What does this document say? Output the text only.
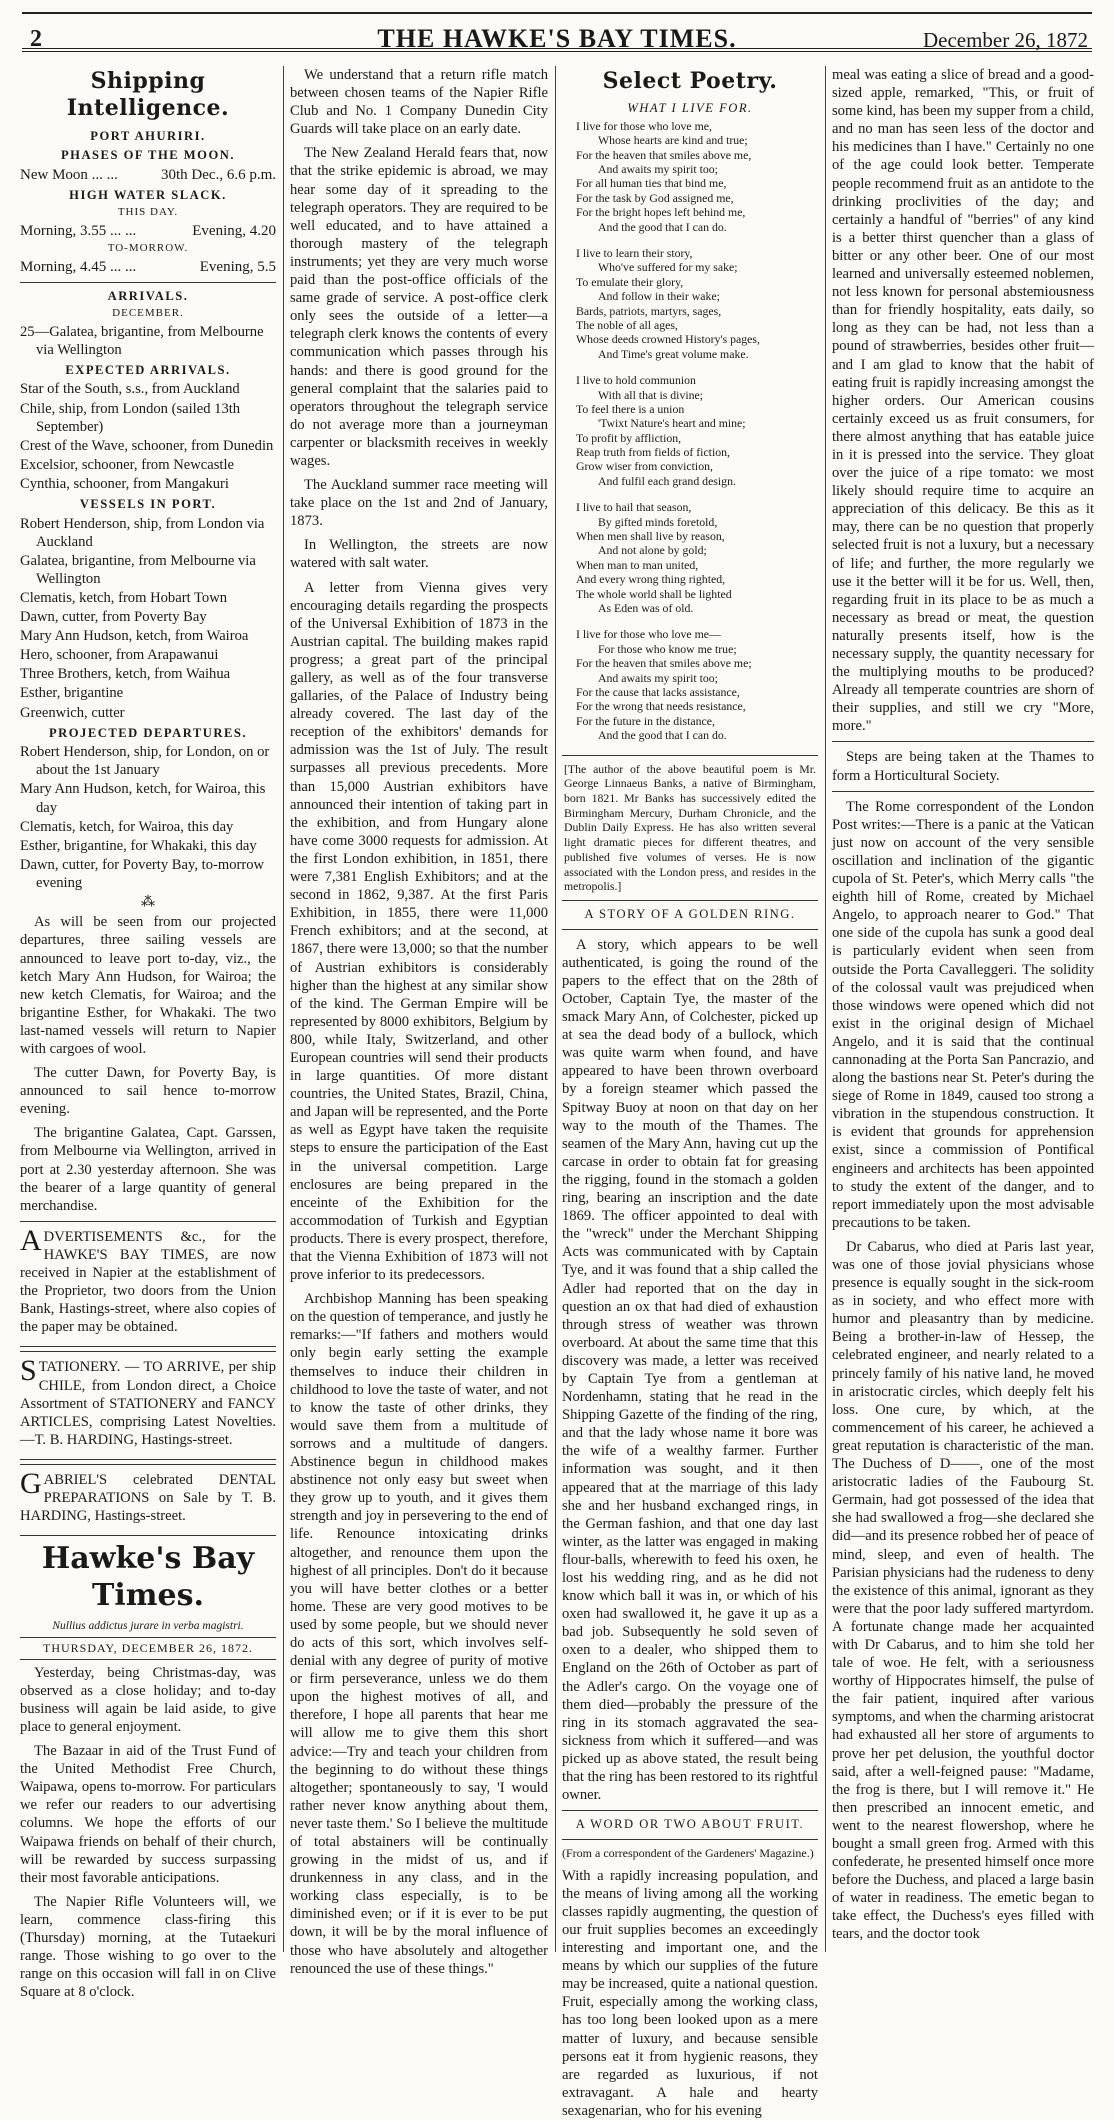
2	THE HAWKE'S BAY TIMES.	December 26, 1872
Shipping Intelligence.
PORT AHURIRI.
PHASES OF THE MOON.
New Moon ... ...	30th Dec., 6.6 p.m.
HIGH WATER SLACK.
THIS DAY.
Morning, 3.55 ... ...	Evening, 4.20
TO-MORROW.
Morning, 4.45 ... ...	Evening, 5.5
ARRIVALS.
DECEMBER.

25—Galatea, brigantine, from Melbourne via Wellington

EXPECTED ARRIVALS.

Star of the South, s.s., from Auckland

Chile, ship, from London (sailed 13th September)

Crest of the Wave, schooner, from Dunedin

Excelsior, schooner, from Newcastle

Cynthia, schooner, from Mangakuri

VESSELS IN PORT.

Robert Henderson, ship, from London via Auckland

Galatea, brigantine, from Melbourne via Wellington

Clematis, ketch, from Hobart Town

Dawn, cutter, from Poverty Bay

Mary Ann Hudson, ketch, from Wairoa

Hero, schooner, from Arapawanui

Three Brothers, ketch, from Waihua

Esther, brigantine

Greenwich, cutter

PROJECTED DEPARTURES.

Robert Henderson, ship, for London, on or about the 1st January

Mary Ann Hudson, ketch, for Wairoa, this day

Clematis, ketch, for Wairoa, this day

Esther, brigantine, for Whakaki, this day

Dawn, cutter, for Poverty Bay, to-morrow evening

⁂

As will be seen from our projected departures, three sailing vessels are announced to leave port to-day, viz., the ketch Mary Ann Hudson, for Wairoa; the new ketch Clematis, for Wairoa; and the brigantine Esther, for Whakaki. The two last-named vessels will return to Napier with cargoes of wool.

The cutter Dawn, for Poverty Bay, is announced to sail hence to-morrow evening.

The brigantine Galatea, Capt. Garssen, from Melbourne via Wellington, arrived in port at 2.30 yesterday afternoon. She was the bearer of a large quantity of general merchandise.

ADVERTISEMENTS &c., for the HAWKE'S BAY TIMES, are now received in Napier at the establishment of the Proprietor, two doors from the Union Bank, Hastings-street, where also copies of the paper may be obtained.

STATIONERY. — TO ARRIVE, per ship CHILE, from London direct, a Choice Assortment of STATIONERY and FANCY ARTICLES, comprising Latest Novelties.—T. B. HARDING, Hastings-street.

GABRIEL'S celebrated DENTAL PREPARATIONS on Sale by T. B. HARDING, Hastings-street.

Hawke's Bay Times.
Nullius addictus jurare in verba magistri.
THURSDAY, DECEMBER 26, 1872.

Yesterday, being Christmas-day, was observed as a close holiday; and to-day business will again be laid aside, to give place to general enjoyment.

The Bazaar in aid of the Trust Fund of the United Methodist Free Church, Waipawa, opens to-morrow. For particulars we refer our readers to our advertising columns. We hope the efforts of our Waipawa friends on behalf of their church, will be rewarded by success surpassing their most favorable anticipations.

The Napier Rifle Volunteers will, we learn, commence class-firing this (Thursday) morning, at the Tutaekuri range. Those wishing to go over to the range on this occasion will fall in on Clive Square at 8 o'clock.

We understand that a return rifle match between chosen teams of the Napier Rifle Club and No. 1 Company Dunedin City Guards will take place on an early date.

The New Zealand Herald fears that, now that the strike epidemic is abroad, we may hear some day of it spreading to the telegraph operators. They are required to be well educated, and to have attained a thorough mastery of the telegraph instruments; yet they are very much worse paid than the post-office officials of the same grade of service. A post-office clerk only sees the outside of a letter—a telegraph clerk knows the contents of every communication which passes through his hands: and there is good ground for the general complaint that the salaries paid to operators throughout the telegraph service do not average more than a journeyman carpenter or blacksmith receives in weekly wages.

The Auckland summer race meeting will take place on the 1st and 2nd of January, 1873.

In Wellington, the streets are now watered with salt water.

A letter from Vienna gives very encouraging details regarding the prospects of the Universal Exhibition of 1873 in the Austrian capital. The building makes rapid progress; a great part of the principal gallery, as well as of the four transverse gallaries, of the Palace of Industry being already covered. The last day of the reception of the exhibitors' demands for admission was the 1st of July. The result surpasses all previous precedents. More than 15,000 Austrian exhibitors have announced their intention of taking part in the exhibition, and from Hungary alone have come 3000 requests for admission. At the first London exhibition, in 1851, there were 7,381 English Exhibitors; and at the second in 1862, 9,387. At the first Paris Exhibition, in 1855, there were 11,000 French exhibitors; and at the second, at 1867, there were 13,000; so that the number of Austrian exhibitors is considerably higher than the highest at any similar show of the kind. The German Empire will be represented by 8000 exhibitors, Belgium by 800, while Italy, Switzerland, and other European countries will send their products in large quantities. Of more distant countries, the United States, Brazil, China, and Japan will be represented, and the Porte as well as Egypt have taken the requisite steps to ensure the participation of the East in the universal competition. Large enclosures are being prepared in the enceinte of the Exhibition for the accommodation of Turkish and Egyptian products. There is every prospect, therefore, that the Vienna Exhibition of 1873 will not prove inferior to its predecessors.

Archbishop Manning has been speaking on the question of temperance, and justly he remarks:—"If fathers and mothers would only begin early setting the example themselves to induce their children in childhood to love the taste of water, and not to know the taste of other drinks, they would save them from a multitude of sorrows and a multitude of dangers. Abstinence begun in childhood makes abstinence not only easy but sweet when they grow up to youth, and it gives them strength and joy in persevering to the end of life. Renounce intoxicating drinks altogether, and renounce them upon the highest of all principles. Don't do it because you will have better clothes or a better home. These are very good motives to be used by some people, but we should never do acts of this sort, which involves self-denial with any degree of purity of motive or firm perseverance, unless we do them upon the highest motives of all, and therefore, I hope all parents that hear me will allow me to give them this short advice:—Try and teach your children from the beginning to do without these things altogether; spontaneously to say, 'I would rather never know anything about them, never taste them.' So I believe the multitude of total abstainers will be continually growing in the midst of us, and if drunkenness in any class, and in the working class especially, is to be diminished even; or if it is ever to be put down, it will be by the moral influence of those who have absolutely and altogether renounced the use of these things."

Select Poetry.
WHAT I LIVE FOR.
I live for those who love me,
Whose hearts are kind and true;
For the heaven that smiles above me,
And awaits my spirit too;
For all human ties that bind me,
For the task by God assigned me,
For the bright hopes left behind me,
And the good that I can do.
I live to learn their story,
Who've suffered for my sake;
To emulate their glory,
And follow in their wake;
Bards, patriots, martyrs, sages,
The noble of all ages,
Whose deeds crowned History's pages,
And Time's great volume make.
I live to hold communion
With all that is divine;
To feel there is a union
'Twixt Nature's heart and mine;
To profit by affliction,
Reap truth from fields of fiction,
Grow wiser from conviction,
And fulfil each grand design.
I live to hail that season,
By gifted minds foretold,
When men shall live by reason,
And not alone by gold;
When man to man united,
And every wrong thing righted,
The whole world shall be lighted
As Eden was of old.
I live for those who love me—
For those who know me true;
For the heaven that smiles above me;
And awaits my spirit too;
For the cause that lacks assistance,
For the wrong that needs resistance,
For the future in the distance,
And the good that I can do.
[The author of the above beautiful poem is Mr. George Linnaeus Banks, a native of Birmingham, born 1821. Mr Banks has successively edited the Birmingham Mercury, Durham Chronicle, and the Dublin Daily Express. He has also written several light dramatic pieces for different theatres, and published five volumes of verses. He is now associated with the London press, and resides in the metropolis.]
A STORY OF A GOLDEN RING.

A story, which appears to be well authenticated, is going the round of the papers to the effect that on the 28th of October, Captain Tye, the master of the smack Mary Ann, of Colchester, picked up at sea the dead body of a bullock, which was quite warm when found, and have appeared to have been thrown overboard by a foreign steamer which passed the Spitway Buoy at noon on that day on her way to the mouth of the Thames. The seamen of the Mary Ann, having cut up the carcase in order to obtain fat for greasing the rigging, found in the stomach a golden ring, bearing an inscription and the date 1869. The officer appointed to deal with the "wreck" under the Merchant Shipping Acts was communicated with by Captain Tye, and it was found that a ship called the Adler had reported that on the day in question an ox that had died of exhaustion through stress of weather was thrown overboard. At about the same time that this discovery was made, a letter was received by Captain Tye from a gentleman at Nordenhamn, stating that he read in the Shipping Gazette of the finding of the ring, and that the lady whose name it bore was the wife of a wealthy farmer. Further information was sought, and it then appeared that at the marriage of this lady she and her husband exchanged rings, in the German fashion, and that one day last winter, as the latter was engaged in making flour-balls, wherewith to feed his oxen, he lost his wedding ring, and as he did not know which ball it was in, or which of his oxen had swallowed it, he gave it up as a bad job. Subsequently he sold seven of oxen to a dealer, who shipped them to England on the 26th of October as part of the Adler's cargo. On the voyage one of them died—probably the pressure of the ring in its stomach aggravated the sea-sickness from which it suffered—and was picked up as above stated, the result being that the ring has been restored to its rightful owner.

A WORD OR TWO ABOUT FRUIT.

(From a correspondent of the Gardeners' Magazine.)

With a rapidly increasing population, and the means of living among all the working classes rapidly augmenting, the question of our fruit supplies becomes an exceedingly interesting and important one, and the means by which our supplies of the future may be increased, quite a national question. Fruit, especially among the working class, has too long been looked upon as a mere matter of luxury, and because sensible persons eat it from hygienic reasons, they are regarded as luxurious, if not extravagant. A hale and hearty sexagenarian, who for his evening

meal was eating a slice of bread and a good-sized apple, remarked, "This, or fruit of some kind, has been my supper from a child, and no man has seen less of the doctor and his medicines than I have." Certainly no one of the age could look better. Temperate people recommend fruit as an antidote to the drinking proclivities of the day; and certainly a handful of "berries" of any kind is a better thirst quencher than a glass of bitter or any other beer. One of our most learned and universally esteemed noblemen, not less known for personal abstemiousness than for friendly hospitality, eats daily, so long as they can be had, not less than a pound of strawberries, besides other fruit—and I am glad to know that the habit of eating fruit is rapidly increasing amongst the higher orders. Our American cousins certainly exceed us as fruit consumers, for there almost anything that has eatable juice in it is pressed into the service. They gloat over the juice of a ripe tomato: we most likely should require time to acquire an appreciation of this delicacy. Be this as it may, there can be no question that properly selected fruit is not a luxury, but a necessary of life; and further, the more regularly we use it the better will it be for us. Well, then, regarding fruit in its place to be as much a necessary as bread or meat, the question naturally presents itself, how is the necessary supply, the quantity necessary for the multiplying mouths to be produced? Already all temperate countries are shorn of their supplies, and still we cry "More, more."

Steps are being taken at the Thames to form a Horticultural Society.

The Rome correspondent of the London Post writes:—There is a panic at the Vatican just now on account of the very sensible oscillation and inclination of the gigantic cupola of St. Peter's, which Merry calls "the eighth hill of Rome, created by Michael Angelo, to approach nearer to God." That one side of the cupola has sunk a good deal is particularly evident when seen from outside the Porta Cavalleggeri. The solidity of the colossal vault was prejudiced when those windows were opened which did not exist in the original design of Michael Angelo, and it is said that the continual cannonading at the Porta San Pancrazio, and along the bastions near St. Peter's during the siege of Rome in 1849, caused too strong a vibration in the stupendous construction. It is evident that grounds for apprehension exist, since a commission of Pontifical engineers and architects has been appointed to study the extent of the danger, and to report immediately upon the most advisable precautions to be taken.

Dr Cabarus, who died at Paris last year, was one of those jovial physicians whose presence is equally sought in the sick-room as in society, and who effect more with humor and pleasantry than by medicine. Being a brother-in-law of Hessep, the celebrated engineer, and nearly related to a princely family of his native land, he moved in aristocratic circles, which deeply felt his loss. One cure, by which, at the commencement of his career, he achieved a great reputation is characteristic of the man. The Duchess of D——, one of the most aristocratic ladies of the Faubourg St. Germain, had got possessed of the idea that she had swallowed a frog—she declared she did—and its presence robbed her of peace of mind, sleep, and even of health. The Parisian physicians had the rudeness to deny the existence of this animal, ignorant as they were that the poor lady suffered martyrdom. A fortunate change made her acquainted with Dr Cabarus, and to him she told her tale of woe. He felt, with a seriousness worthy of Hippocrates himself, the pulse of the fair patient, inquired after various symptoms, and when the charming aristocrat had exhausted all her store of arguments to prove her pet delusion, the youthful doctor said, after a well-feigned pause: "Madame, the frog is there, but I will remove it." He then prescribed an innocent emetic, and went to the nearest flowershop, where he bought a small green frog. Armed with this confederate, he presented himself once more before the Duchess, and placed a large basin of water in readiness. The emetic began to take effect, the Duchess's eyes filled with tears, and the doctor took
